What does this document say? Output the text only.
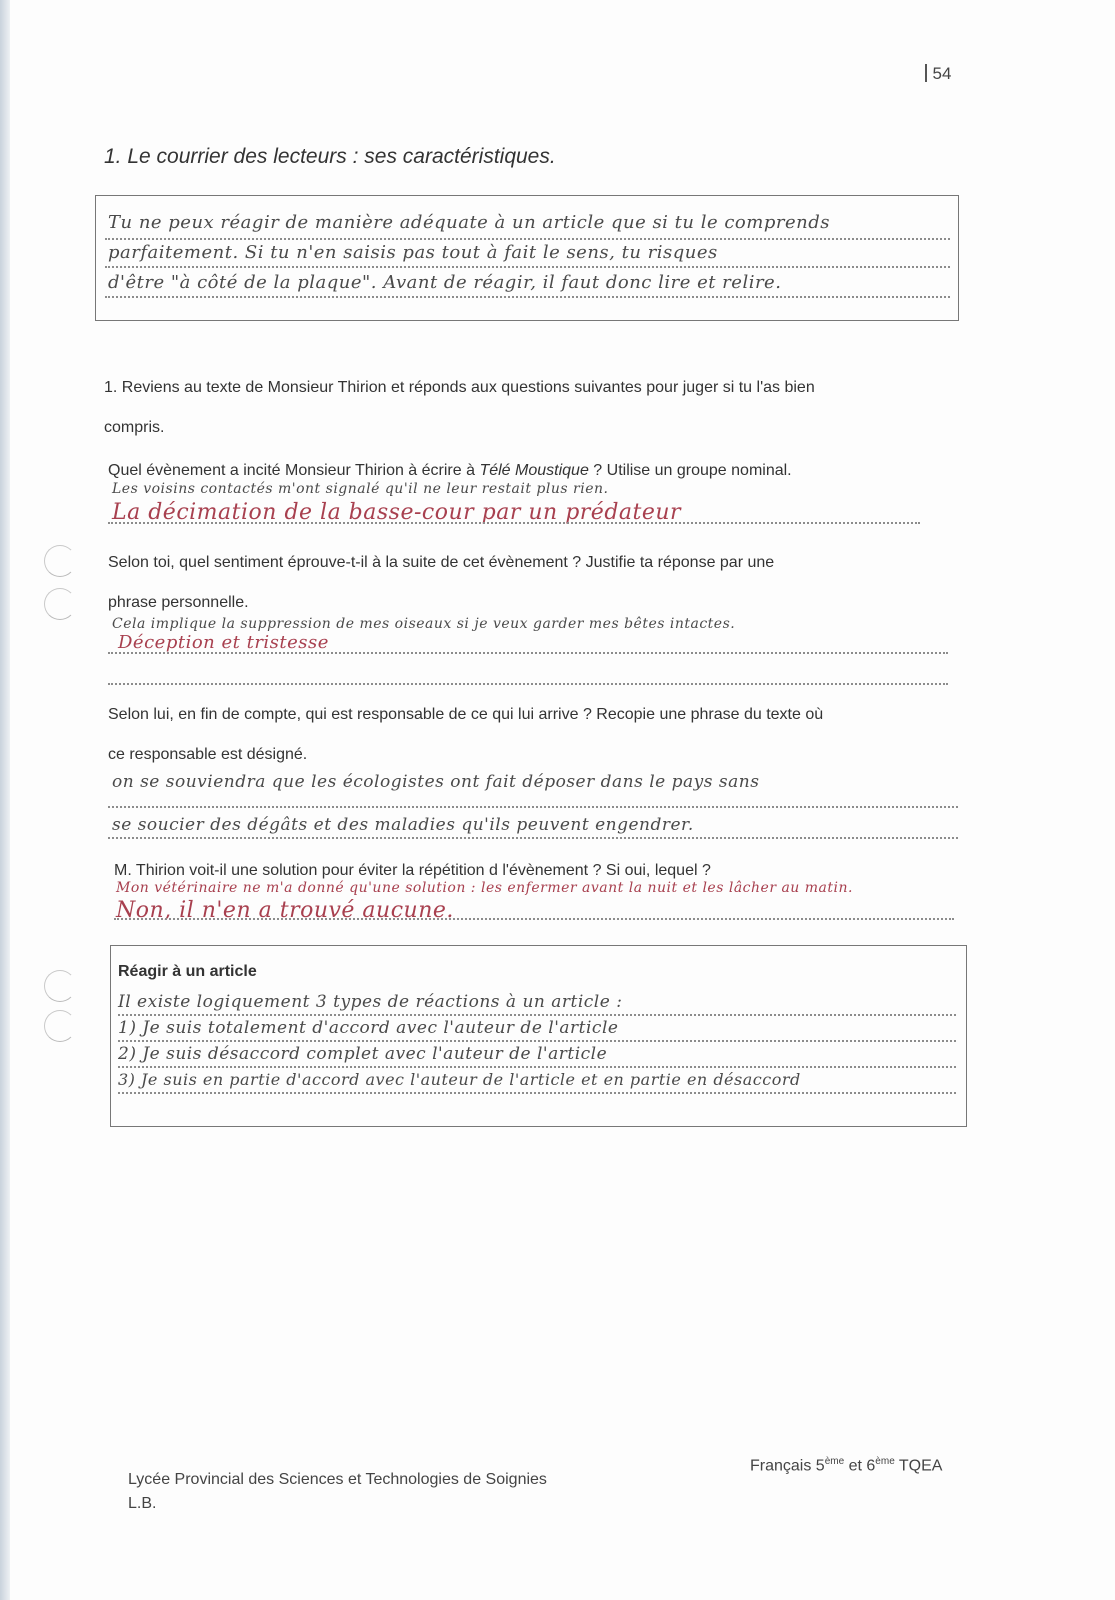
54
1. Le courrier des lecteurs : ses caractéristiques.
Tu ne peux réagir de manière adéquate à un article que si tu le comprends
parfaitement. Si tu n'en saisis pas tout à fait le sens, tu risques
d'être "à côté de la plaque". Avant de réagir, il faut donc lire et relire.
1. Reviens au texte de Monsieur Thirion et réponds aux questions suivantes pour juger si tu l'as bien
compris.
Quel évènement a incité Monsieur Thirion à écrire à Télé Moustique ? Utilise un groupe nominal.
Les voisins contactés m'ont signalé qu'il ne leur restait plus rien.
La décimation de la basse-cour par un prédateur
Selon toi, quel sentiment éprouve-t-il à la suite de cet évènement ? Justifie ta réponse par une
phrase personnelle.
Cela implique la suppression de mes oiseaux si je veux garder mes bêtes intactes.
Déception et tristesse
Selon lui, en fin de compte, qui est responsable de ce qui lui arrive ? Recopie une phrase du texte où
ce responsable est désigné.
on se souviendra que les écologistes ont fait déposer dans le pays sans
se soucier des dégâts et des maladies qu'ils peuvent engendrer.
M. Thirion voit-il une solution pour éviter la répétition d l'évènement ? Si oui, lequel ?
Mon vétérinaire ne m'a donné qu'une solution : les enfermer avant la nuit et les lâcher au matin.
Non, il n'en a trouvé aucune.
Réagir à un article
Il existe logiquement 3 types de réactions à un article :
1) Je suis totalement d'accord avec l'auteur de l'article
2) Je suis désaccord complet avec l'auteur de l'article
3) Je suis en partie d'accord avec l'auteur de l'article et en partie en désaccord
Lycée Provincial des Sciences et Technologies de Soignies
L.B.
Français 5ème et 6ème TQEA
